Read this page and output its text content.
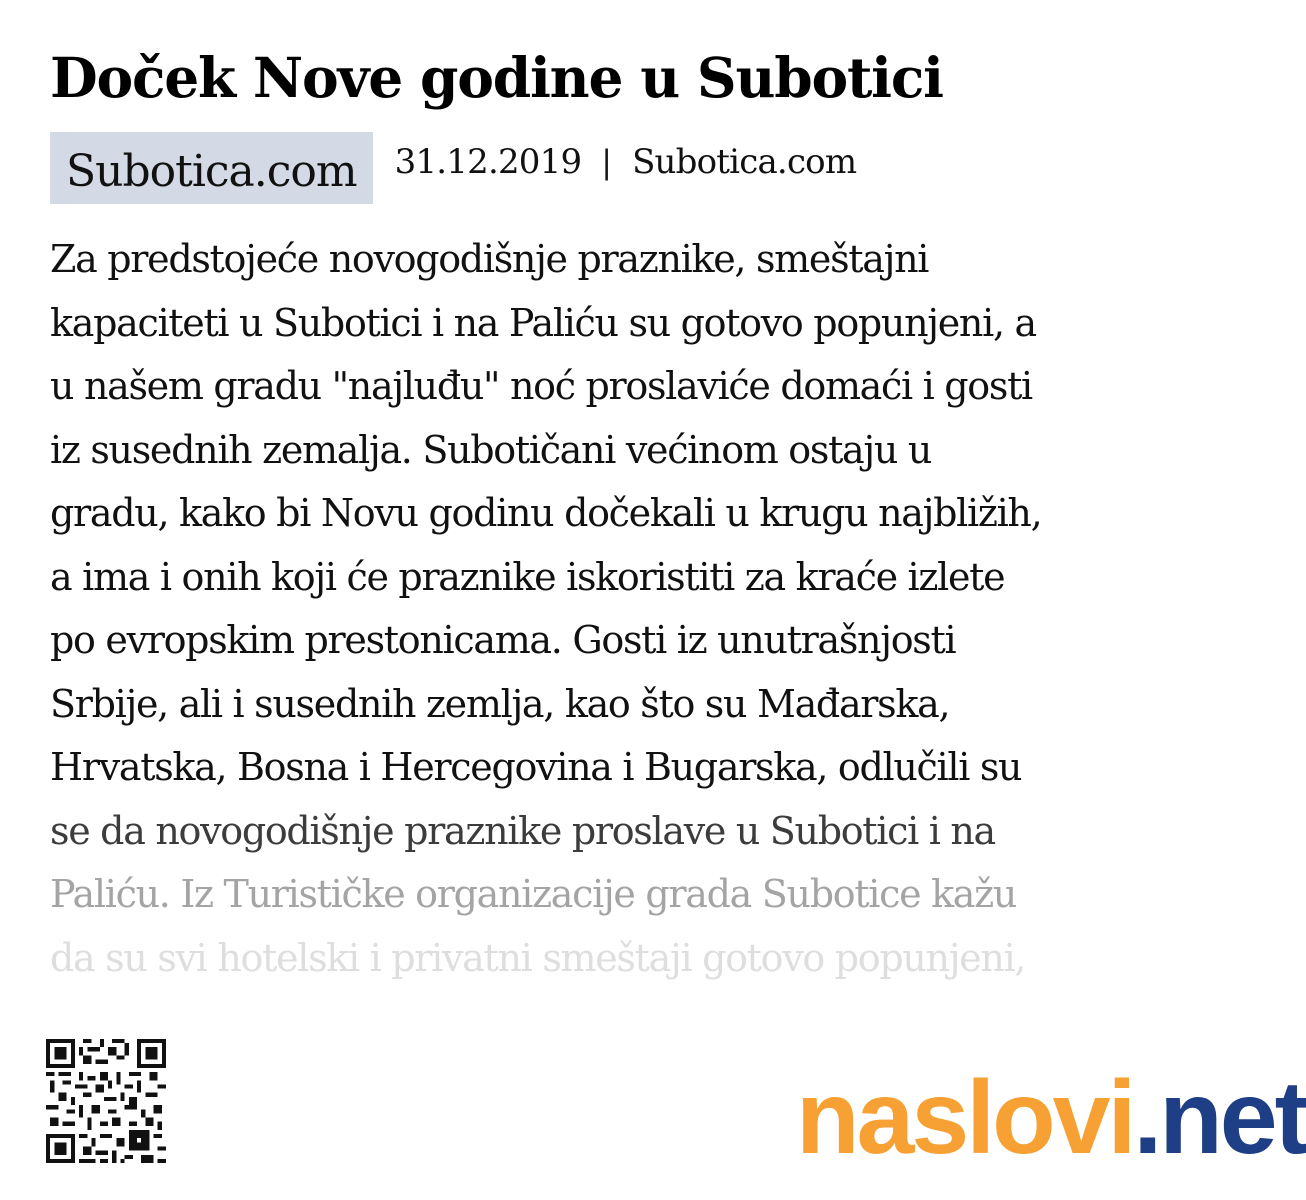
Doček Nove godine u Subotici
Subotica.com	31.12.2019 | Subotica.com
Za predstojeće novogodišnje praznike, smeštajni
kapaciteti u Subotici i na Paliću su gotovo popunjeni, a
u našem gradu "najluđu" noć proslaviće domaći i gosti
iz susednih zemalja. Subotičani većinom ostaju u
gradu, kako bi Novu godinu dočekali u krugu najbližih,
a ima i onih koji će praznike iskoristiti za kraće izlete
po evropskim prestonicama. Gosti iz unutrašnjosti
Srbije, ali i susednih zemlja, kao što su Mađarska,
Hrvatska, Bosna i Hercegovina i Bugarska, odlučili su
se da novogodišnje praznike proslave u Subotici i na
Paliću. Iz Turističke organizacije grada Subotice kažu
da su svi hotelski i privatni smeštaji gotovo popunjeni,
naslovi .net
